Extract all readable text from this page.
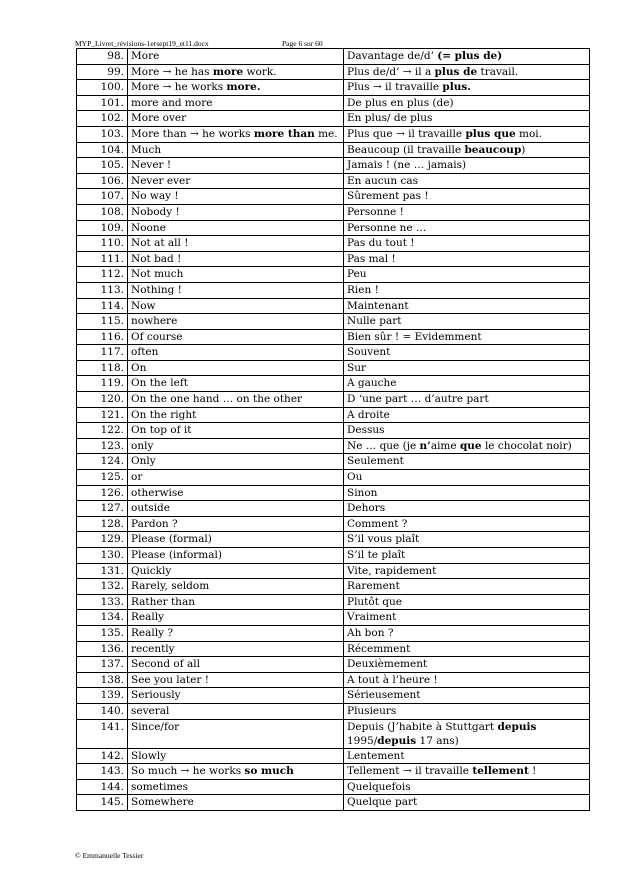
MYP_Livret_révisions-1ersept19_et11.docx	Page 6 sur 60
98.	More	Davantage de/d’ (= plus de)
99.	More → he has more work.	Plus de/d’ → il a plus de travail.
100.	More → he works more.	Plus → il travaille plus.
101.	more and more	De plus en plus (de)
102.	More over	En plus/ de plus
103.	More than → he works more than me.	Plus que → il travaille plus que moi.
104.	Much	Beaucoup (il travaille beaucoup)
105.	Never !	Jamais ! (ne … jamais)
106.	Never ever	En aucun cas
107.	No way !	Sûrement pas !
108.	Nobody !	Personne !
109.	Noone	Personne ne …
110.	Not at all !	Pas du tout !
111.	Not bad !	Pas mal !
112.	Not much	Peu
113.	Nothing !	Rien !
114.	Now	Maintenant
115.	nowhere	Nulle part
116.	Of course	Bien sûr ! = Evidemment
117.	often	Souvent
118.	On	Sur
119.	On the left	A gauche
120.	On the one hand … on the other	D ‘une part … d’autre part
121.	On the right	A droite
122.	On top of it	Dessus
123.	only	Ne … que (je n’aime que le chocolat noir)
124.	Only	Seulement
125.	or	Ou
126.	otherwise	Sinon
127.	outside	Dehors
128.	Pardon ?	Comment ?
129.	Please (formal)	S’il vous plaît
130.	Please (informal)	S’il te plaît
131.	Quickly	Vite, rapidement
132.	Rarely, seldom	Rarement
133.	Rather than	Plutôt que
134.	Really	Vraiment
135.	Really ?	Ah bon ?
136.	recently	Récemment
137.	Second of all	Deuxièmement
138.	See you later !	A tout à l’heure !
139.	Seriously	Sérieusement
140.	several	Plusieurs
141.	Since/for	Depuis (J’habite à Stuttgart depuis 1995/depuis 17 ans)
142.	Slowly	Lentement
143.	So much → he works so much	Tellement → il travaille tellement !
144.	sometimes	Quelquefois
145.	Somewhere	Quelque part
© Emmanuelle Tessier
